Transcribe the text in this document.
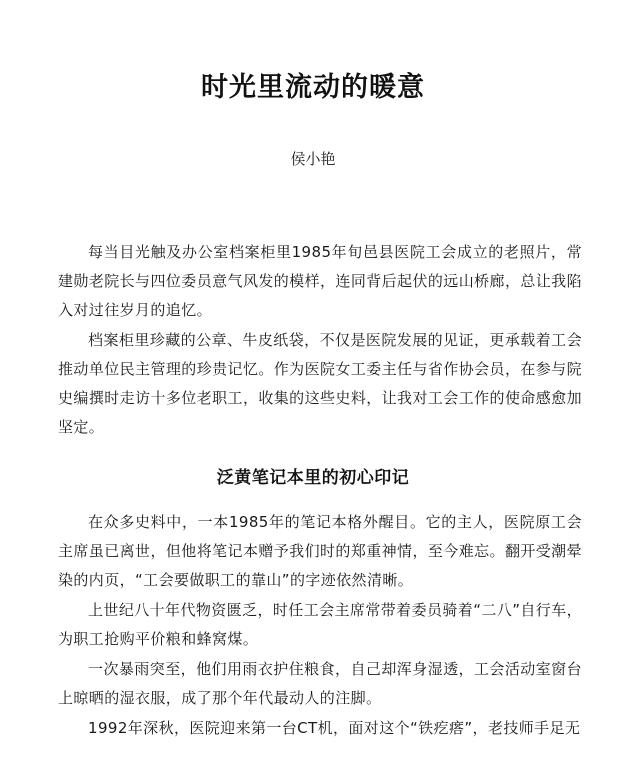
时光里流动的暖意
侯小艳

每当目光触及办公室档案柜里1985年旬邑县医院工会成立的老照片，常建勋老院长与四位委员意气风发的模样，连同背后起伏的远山桥廊，总让我陷入对过往岁月的追忆。

档案柜里珍藏的公章、牛皮纸袋，不仅是医院发展的见证，更承载着工会推动单位民主管理的珍贵记忆。作为医院女工委主任与省作协会员，在参与院史编撰时走访十多位老职工，收集的这些史料，让我对工会工作的使命感愈加坚定。

泛黄笔记本里的初心印记

在众多史料中，一本1985年的笔记本格外醒目。它的主人，医院原工会主席虽已离世，但他将笔记本赠予我们时的郑重神情，至今难忘。翻开受潮晕染的内页，“工会要做职工的靠山”的字迹依然清晰。

上世纪八十年代物资匮乏，时任工会主席常带着委员骑着“二八”自行车，为职工抢购平价粮和蜂窝煤。

一次暴雨突至，他们用雨衣护住粮食，自己却浑身湿透，工会活动室窗台上晾晒的湿衣服，成了那个年代最动人的注脚。

1992年深秋，医院迎来第一台CT机，面对这个“铁疙瘩”，老技师手足无
